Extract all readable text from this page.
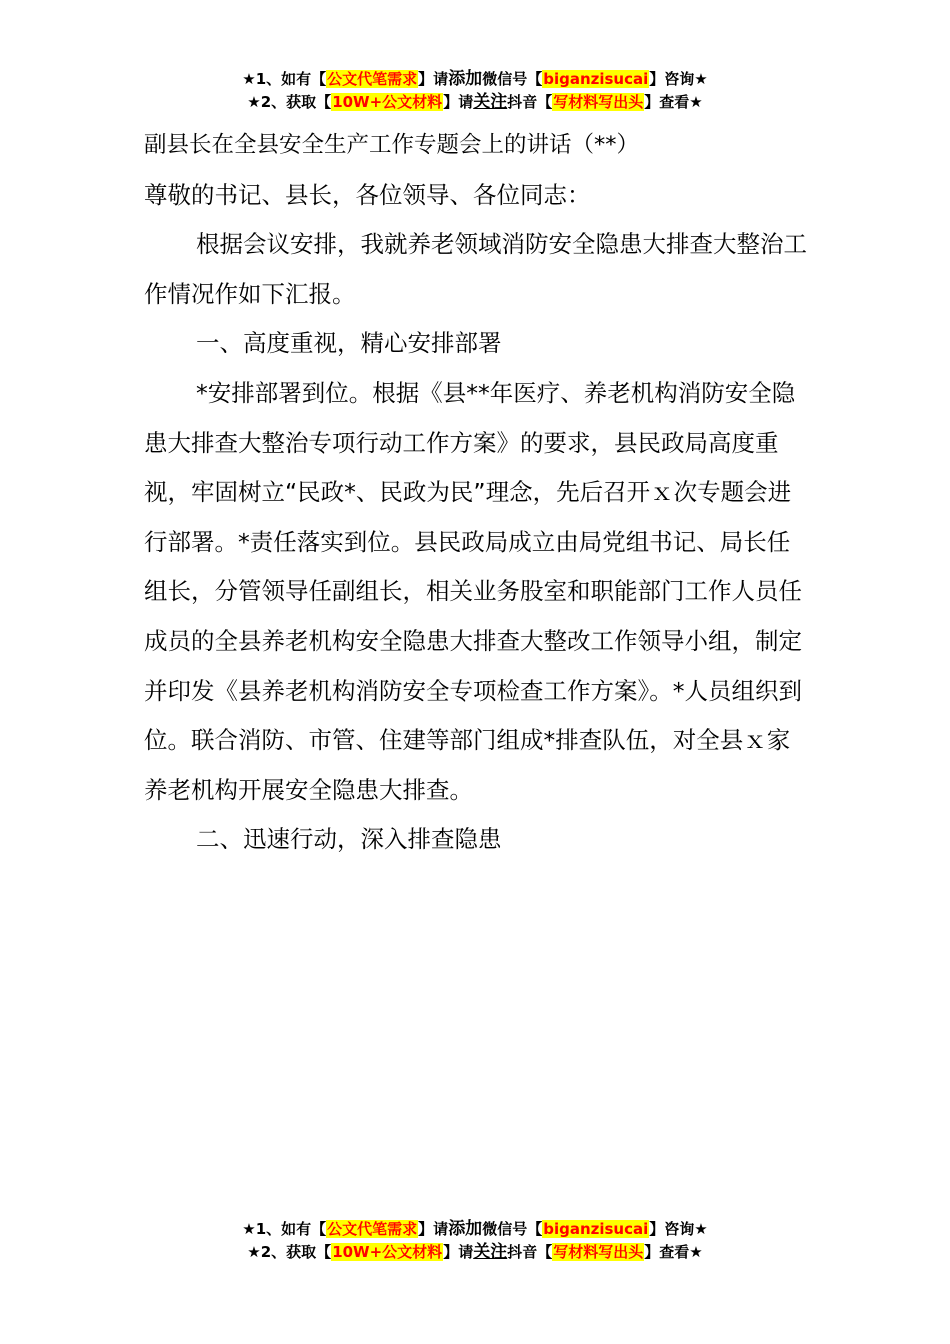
★1、如有【公文代笔需求】请添加微信号【biganzisucai】咨询★
★2、获取【10W+公文材料】请关注抖音【写材料写出头】查看★

副县长在全县安全生产工作专题会上的讲话（**）

尊敬的书记、县长，各位领导、各位同志：

根据会议安排，我就养老领域消防安全隐患大排查大整治工作情况作如下汇报。

一、高度重视，精心安排部署

*安排部署到位。根据《县**年医疗、养老机构消防安全隐患大排查大整治专项行动工作方案》的要求，县民政局高度重视，牢固树立“民政*、民政为民”理念，先后召开ｘ次专题会进行部署。*责任落实到位。县民政局成立由局党组书记、局长任组长，分管领导任副组长，相关业务股室和职能部门工作人员任成员的全县养老机构安全隐患大排查大整改工作领导小组，制定并印发《县养老机构消防安全专项检查工作方案》。*人员组织到位。联合消防、市管、住建等部门组成*排查队伍，对全县ｘ家养老机构开展安全隐患大排查。

二、迅速行动，深入排查隐患

★1、如有【公文代笔需求】请添加微信号【biganzisucai】咨询★
★2、获取【10W+公文材料】请关注抖音【写材料写出头】查看★
